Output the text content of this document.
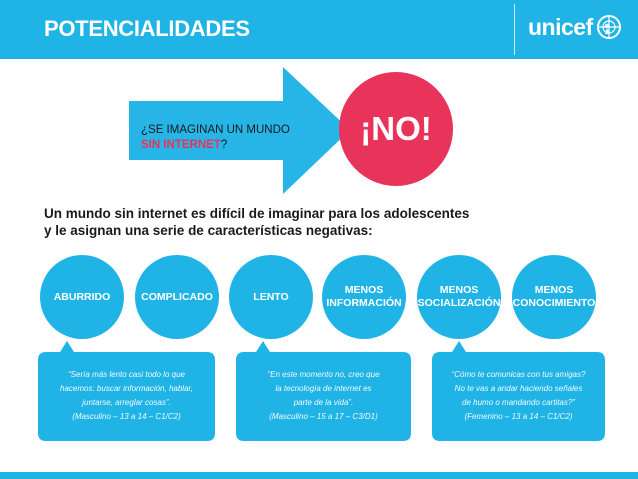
POTENCIALIDADES	unicef
¿SE IMAGINAN UN MUNDO
SIN INTERNET?	¡NO!
Un mundo sin internet es difícil de imaginar para los adolescentes
y le asignan una serie de características negativas:
ABURRIDO	COMPLICADO	LENTO
MENOS INFORMACIÓN
MENOS SOCIALIZACIÓN
MENOS CONOCIMIENTO
“Sería más lento casi todo lo que
hacemos: buscar información, hablar,
juntarse, arreglar cosas”.
(Masculino – 13 a 14 – C1/C2)
“En este momento no, creo que
la tecnología de internet es
parte de la vida”.
(Masculino – 15 a 17 – C3/D1)
“Cómo te comunicas con tus amigas?
No te vas a andar haciendo señales
de humo o mandando cartitas?”
(Femenino – 13 a 14 – C1/C2)
